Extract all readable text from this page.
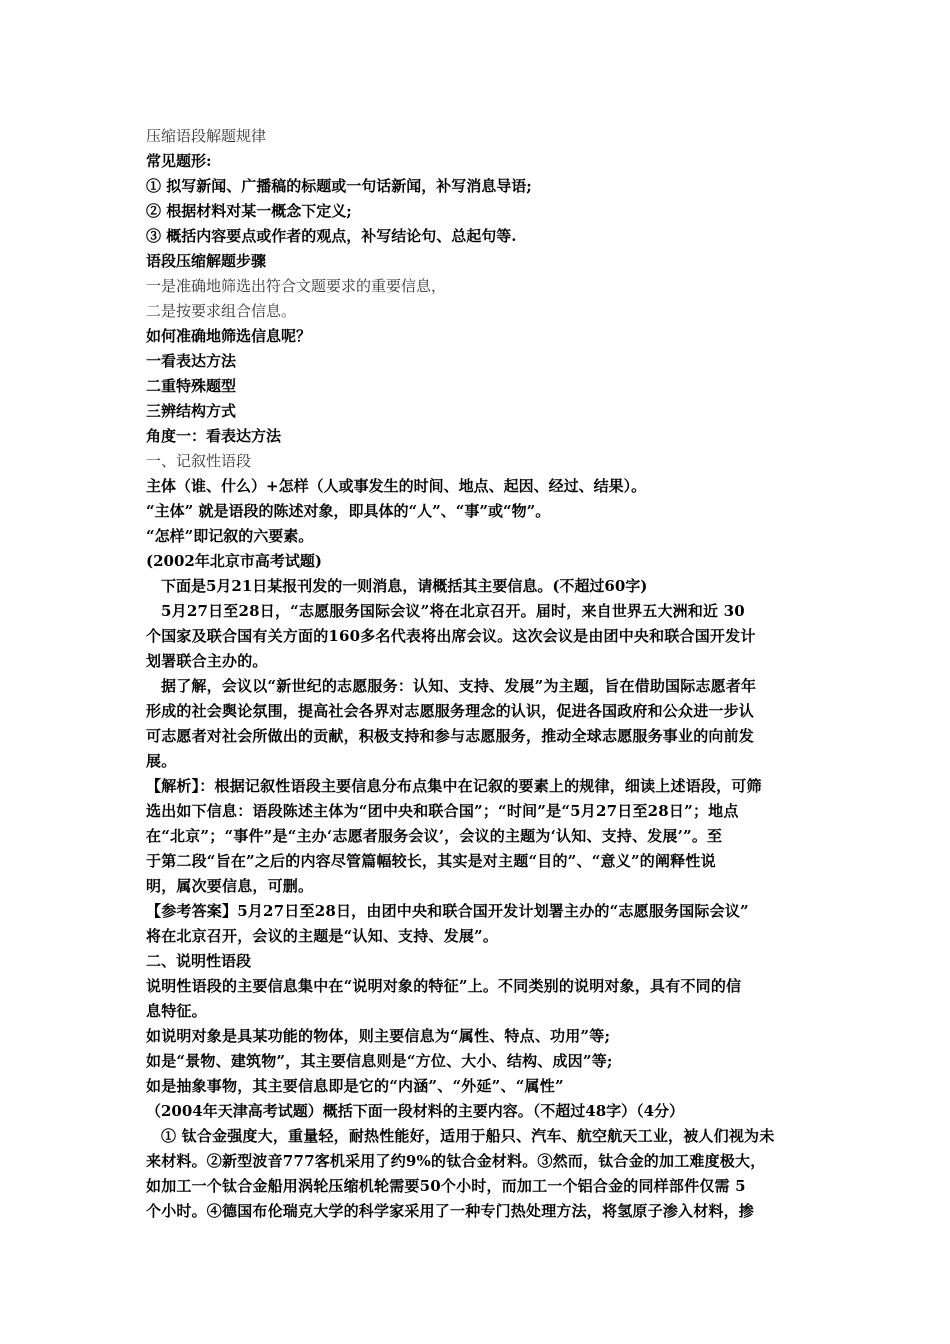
压缩语段解题规律
常见题形:
① 拟写新闻、广播稿的标题或一句话新闻，补写消息导语;
② 根据材料对某一概念下定义;
③ 概括内容要点或作者的观点，补写结论句、总起句等.
语段压缩解题步骤
一是准确地筛选出符合文题要求的重要信息，
二是按要求组合信息。
如何准确地筛选信息呢？
一看表达方法
二重特殊题型
三辨结构方式
角度一：看表达方法
一、记叙性语段
主体（谁、什么）+怎样（人或事发生的时间、地点、起因、经过、结果）。
“主体” 就是语段的陈述对象，即具体的“人”、“事”或“物”。
“怎样”即记叙的六要素。
(2002年北京市高考试题)
下面是5月21日某报刊发的一则消息，请概括其主要信息。(不超过60字)
5月27日至28日，“志愿服务国际会议”将在北京召开。届时，来自世界五大洲和近 30
个国家及联合国有关方面的160多名代表将出席会议。这次会议是由团中央和联合国开发计
划署联合主办的。
据了解，会议以“新世纪的志愿服务：认知、支持、发展”为主题，旨在借助国际志愿者年
形成的社会舆论氛围，提高社会各界对志愿服务理念的认识，促进各国政府和公众进一步认
可志愿者对社会所做出的贡献，积极支持和参与志愿服务，推动全球志愿服务事业的向前发
展。
【解析】：根据记叙性语段主要信息分布点集中在记叙的要素上的规律，细读上述语段，可筛
选出如下信息：语段陈述主体为“团中央和联合国”；“时间”是“5月27日至28日”；地点
在“北京”；“事件”是“主办‘志愿者服务会议’，会议的主题为‘认知、支持、发展’”。至
于第二段“旨在”之后的内容尽管篇幅较长，其实是对主题“目的”、“意义”的阐释性说
明，属次要信息，可删。
【参考答案】5月27日至28日，由团中央和联合国开发计划署主办的“志愿服务国际会议”
将在北京召开，会议的主题是“认知、支持、发展”。
二、说明性语段
说明性语段的主要信息集中在“说明对象的特征”上。不同类别的说明对象，具有不同的信
息特征。
如说明对象是具某功能的物体，则主要信息为“属性、特点、功用”等;
如是“景物、建筑物”，其主要信息则是“方位、大小、结构、成因”等;
如是抽象事物，其主要信息即是它的“内涵”、“外延”、“属性”
（2004年天津高考试题）概括下面一段材料的主要内容。（不超过48字）（4分）
① 钛合金强度大，重量轻，耐热性能好，适用于船只、汽车、航空航天工业，被人们视为未
来材料。②新型波音777客机采用了约9%的钛合金材料。③然而，钛合金的加工难度极大，
如加工一个钛合金船用涡轮压缩机轮需要50个小时，而加工一个铝合金的同样部件仅需 5
个小时。④德国布伦瑞克大学的科学家采用了一种专门热处理方法，将氢原子渗入材料，掺
